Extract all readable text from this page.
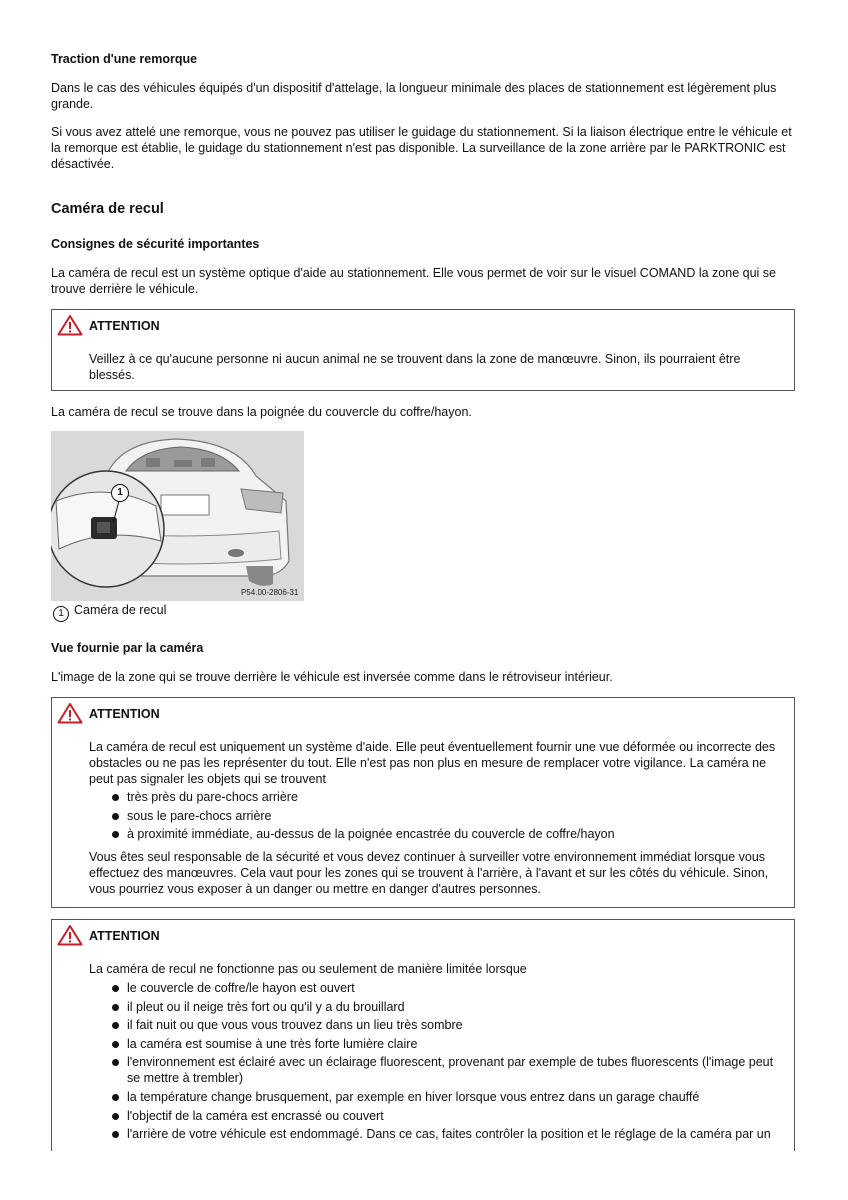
Traction d'une remorque
Dans le cas des véhicules équipés d'un dispositif d'attelage, la longueur minimale des places de stationnement est légèrement plus grande.
Si vous avez attelé une remorque, vous ne pouvez pas utiliser le guidage du stationnement. Si la liaison électrique entre le véhicule et la remorque est établie, le guidage du stationnement n'est pas disponible. La surveillance de la zone arrière par le PARKTRONIC est désactivée.
Caméra de recul
Consignes de sécurité importantes
La caméra de recul est un système optique d'aide au stationnement. Elle vous permet de voir sur le visuel COMAND la zone qui se trouve derrière le véhicule.
ATTENTION
Veillez à ce qu'aucune personne ni aucun animal ne se trouvent dans la zone de manœuvre. Sinon, ils pourraient être blessés.
La caméra de recul se trouve dans la poignée du couvercle du coffre/hayon.
1
P54.00-2806-31
1 Caméra de recul
Vue fournie par la caméra
L'image de la zone qui se trouve derrière le véhicule est inversée comme dans le rétroviseur intérieur.
ATTENTION
La caméra de recul est uniquement un système d'aide. Elle peut éventuellement fournir une vue déformée ou incorrecte des obstacles ou ne pas les représenter du tout. Elle n'est pas non plus en mesure de remplacer votre vigilance. La caméra ne peut pas signaler les objets qui se trouvent
très près du pare-chocs arrière
sous le pare-chocs arrière
à proximité immédiate, au-dessus de la poignée encastrée du couvercle de coffre/hayon
Vous êtes seul responsable de la sécurité et vous devez continuer à surveiller votre environnement immédiat lorsque vous effectuez des manœuvres. Cela vaut pour les zones qui se trouvent à l'arrière, à l'avant et sur les côtés du véhicule. Sinon, vous pourriez vous exposer à un danger ou mettre en danger d'autres personnes.
ATTENTION
La caméra de recul ne fonctionne pas ou seulement de manière limitée lorsque
le couvercle de coffre/le hayon est ouvert
il pleut ou il neige très fort ou qu'il y a du brouillard
il fait nuit ou que vous vous trouvez dans un lieu très sombre
la caméra est soumise à une très forte lumière claire
l'environnement est éclairé avec un éclairage fluorescent, provenant par exemple de tubes fluorescents (l'image peut se mettre à trembler)
la température change brusquement, par exemple en hiver lorsque vous entrez dans un garage chauffé
l'objectif de la caméra est encrassé ou couvert
l'arrière de votre véhicule est endommagé. Dans ce cas, faites contrôler la position et le réglage de la caméra par un
